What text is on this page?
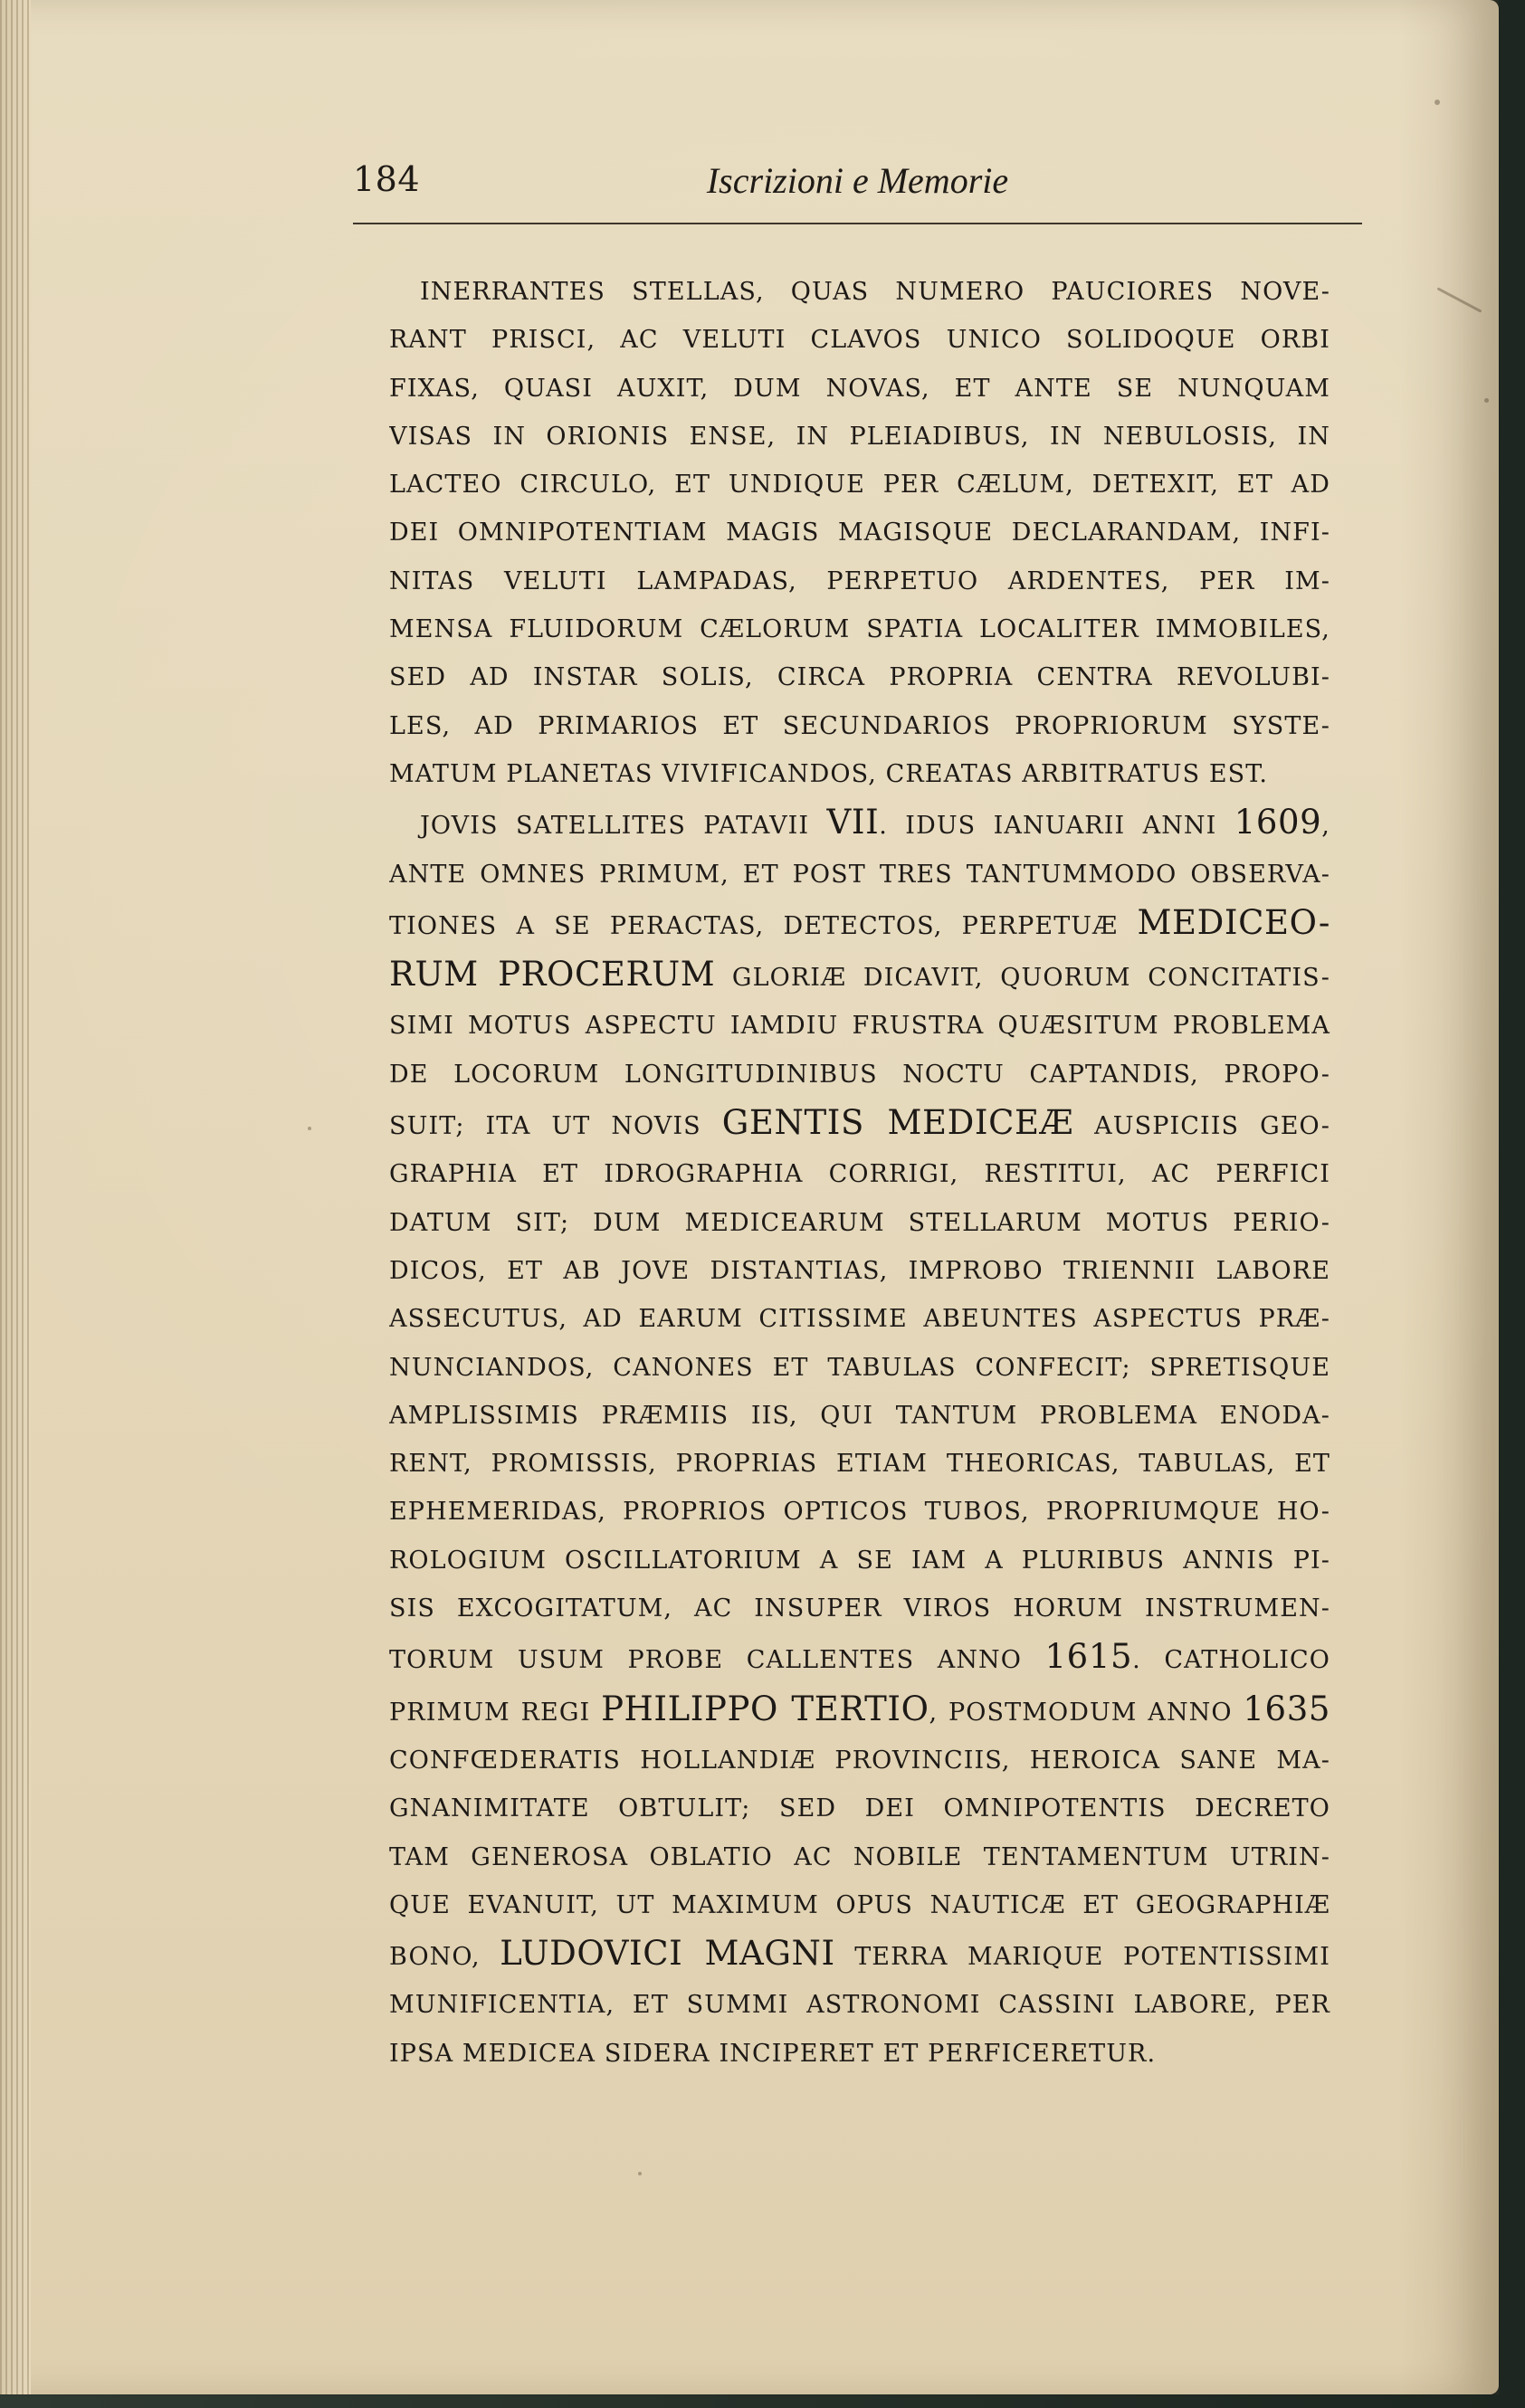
184	Iscrizioni e Memorie
INERRANTES STELLAS, QUAS NUMERO PAUCIORES NOVE-
RANT PRISCI, AC VELUTI CLAVOS UNICO SOLIDOQUE ORBI
FIXAS, QUASI AUXIT, DUM NOVAS, ET ANTE SE NUNQUAM
VISAS IN ORIONIS ENSE, IN PLEIADIBUS, IN NEBULOSIS, IN
LACTEO CIRCULO, ET UNDIQUE PER CÆLUM, DETEXIT, ET AD
DEI OMNIPOTENTIAM MAGIS MAGISQUE DECLARANDAM, INFI-
NITAS VELUTI LAMPADAS, PERPETUO ARDENTES, PER IM-
MENSA FLUIDORUM CÆLORUM SPATIA LOCALITER IMMOBILES,
SED AD INSTAR SOLIS, CIRCA PROPRIA CENTRA REVOLUBI-
LES, AD PRIMARIOS ET SECUNDARIOS PROPRIORUM SYSTE-
MATUM PLANETAS VIVIFICANDOS, CREATAS ARBITRATUS EST.
JOVIS SATELLITES PATAVII VII. IDUS IANUARII ANNI 1609,
ANTE OMNES PRIMUM, ET POST TRES TANTUMMODO OBSERVA-
TIONES A SE PERACTAS, DETECTOS, PERPETUÆ MEDICEO-
RUM PROCERUM GLORIÆ DICAVIT, QUORUM CONCITATIS-
SIMI MOTUS ASPECTU IAMDIU FRUSTRA QUÆSITUM PROBLEMA
DE LOCORUM LONGITUDINIBUS NOCTU CAPTANDIS, PROPO-
SUIT; ITA UT NOVIS GENTIS MEDICEÆ AUSPICIIS GEO-
GRAPHIA ET IDROGRAPHIA CORRIGI, RESTITUI, AC PERFICI
DATUM SIT; DUM MEDICEARUM STELLARUM MOTUS PERIO-
DICOS, ET AB JOVE DISTANTIAS, IMPROBO TRIENNII LABORE
ASSECUTUS, AD EARUM CITISSIME ABEUNTES ASPECTUS PRÆ-
NUNCIANDOS, CANONES ET TABULAS CONFECIT; SPRETISQUE
AMPLISSIMIS PRÆMIIS IIS, QUI TANTUM PROBLEMA ENODA-
RENT, PROMISSIS, PROPRIAS ETIAM THEORICAS, TABULAS, ET
EPHEMERIDAS, PROPRIOS OPTICOS TUBOS, PROPRIUMQUE HO-
ROLOGIUM OSCILLATORIUM A SE IAM A PLURIBUS ANNIS PI-
SIS EXCOGITATUM, AC INSUPER VIROS HORUM INSTRUMEN-
TORUM USUM PROBE CALLENTES ANNO 1615. CATHOLICO
PRIMUM REGI PHILIPPO TERTIO, POSTMODUM ANNO 1635
CONFŒDERATIS HOLLANDIÆ PROVINCIIS, HEROICA SANE MA-
GNANIMITATE OBTULIT; SED DEI OMNIPOTENTIS DECRETO
TAM GENEROSA OBLATIO AC NOBILE TENTAMENTUM UTRIN-
QUE EVANUIT, UT MAXIMUM OPUS NAUTICÆ ET GEOGRAPHIÆ
BONO, LUDOVICI MAGNI TERRA MARIQUE POTENTISSIMI
MUNIFICENTIA, ET SUMMI ASTRONOMI CASSINI LABORE, PER
IPSA MEDICEA SIDERA INCIPERET ET PERFICERETUR.
